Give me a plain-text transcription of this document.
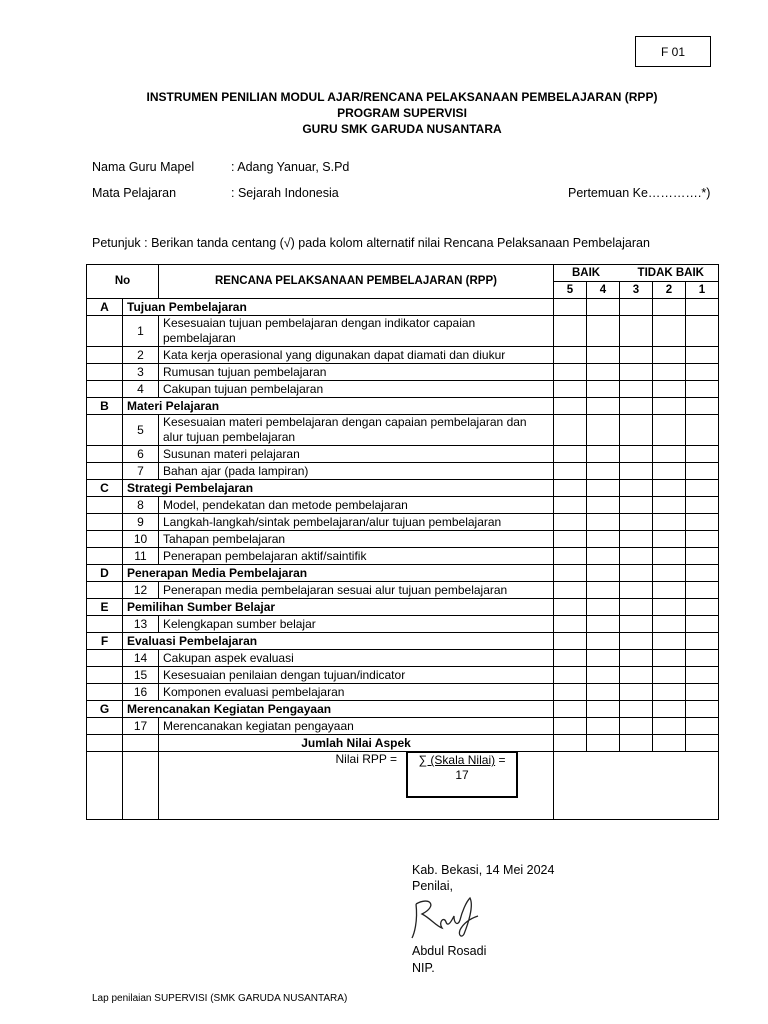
F 01
INSTRUMEN PENILIAN MODUL AJAR/RENCANA PELAKSANAAN PEMBELAJARAN (RPP)
PROGRAM SUPERVISI
GURU SMK GARUDA NUSANTARA
Nama Guru Mapel	: Adang Yanuar, S.Pd
Mata Pelajaran	: Sejarah Indonesia	Pertemuan Ke………….*)
Petunjuk : Berikan tanda centang (√) pada kolom alternatif nilai Rencana Pelaksanaan Pembelajaran
No		RENCANA PELAKSANAAN PEMBELAJARAN (RPP)	BAIK TIDAK BAIK				

			5	4	3	2	1
A	Tujuan Pembelajaran						
	1	Kesesuaian tujuan pembelajaran dengan indikator capaian pembelajaran					
	2	Kata kerja operasional yang digunakan dapat diamati dan diukur					
	3	Rumusan tujuan pembelajaran					
	4	Cakupan tujuan pembelajaran					
B	Materi Pelajaran						
	5	Kesesuaian materi pembelajaran dengan capaian pembelajaran dan alur tujuan pembelajaran					
	6	Susunan materi pelajaran					
	7	Bahan ajar (pada lampiran)					
C	Strategi Pembelajaran						
	8	Model, pendekatan dan metode pembelajaran					
	9	Langkah-langkah/sintak pembelajaran/alur tujuan pembelajaran					
	10	Tahapan pembelajaran					
	11	Penerapan pembelajaran aktif/saintifik					
D	Penerapan Media Pembelajaran						
	12	Penerapan media pembelajaran sesuai alur tujuan pembelajaran					
E	Pemilihan Sumber Belajar						
	13	Kelengkapan sumber belajar					
F	Evaluasi Pembelajaran						
	14	Cakupan aspek evaluasi					
	15	Kesesuaian penilaian dengan tujuan/indicator					
	16	Komponen evaluasi pembelajaran					
G	Merencanakan Kegiatan Pengayaan						
	17	Merencanakan kegiatan pengayaan					
		Jumlah Nilai Aspek					

		Nilai RPP = ∑ (Skala Nilai) =
17					

Kab. Bekasi, 14 Mei 2024
Penilai,
Abdul Rosadi
NIP.
Lap penilaian SUPERVISI (SMK GARUDA NUSANTARA)
